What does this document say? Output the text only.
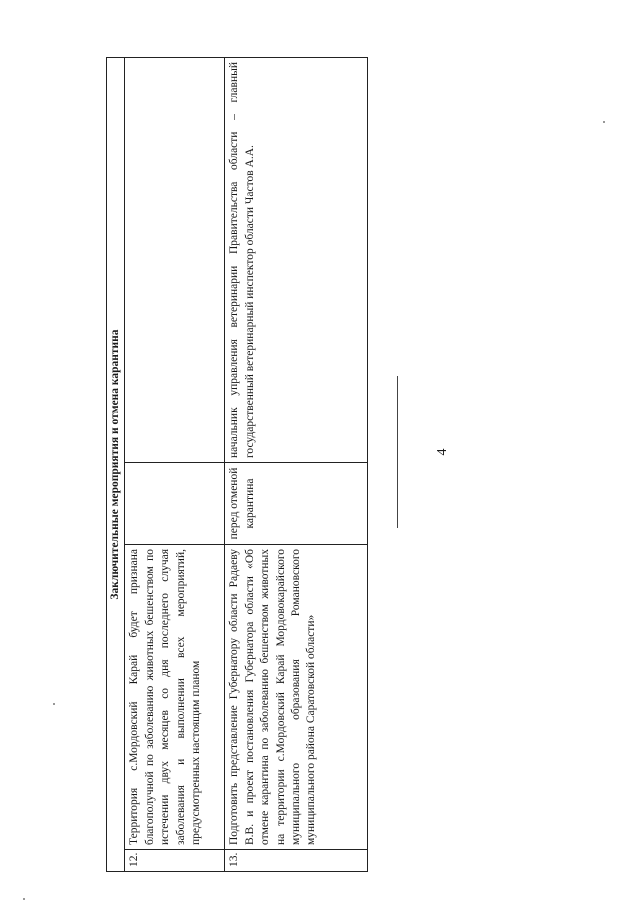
4
Заключительные мероприятия и отмена карантина			
12.	Территория с.Мордовский Карай будет признана благополучной по заболеванию животных бешенством по истечении двух месяцев со дня последнего случая заболевания и выполнении всех мероприятий, предусмотренных настоящим планом		
13.	Подготовить представление Губернатору области Радаеву В.В. и проект постановления Губернатора области «Об отмене карантина по заболеванию бешенством животных на территории с.Мордовский Карай Мордовокарайского муниципального образования Романовского муниципального района Саратовской области»	перед отменой карантина	начальник управления ветеринарии Правительства области – главный государственный ветеринарный инспектор области Частов А.А.
